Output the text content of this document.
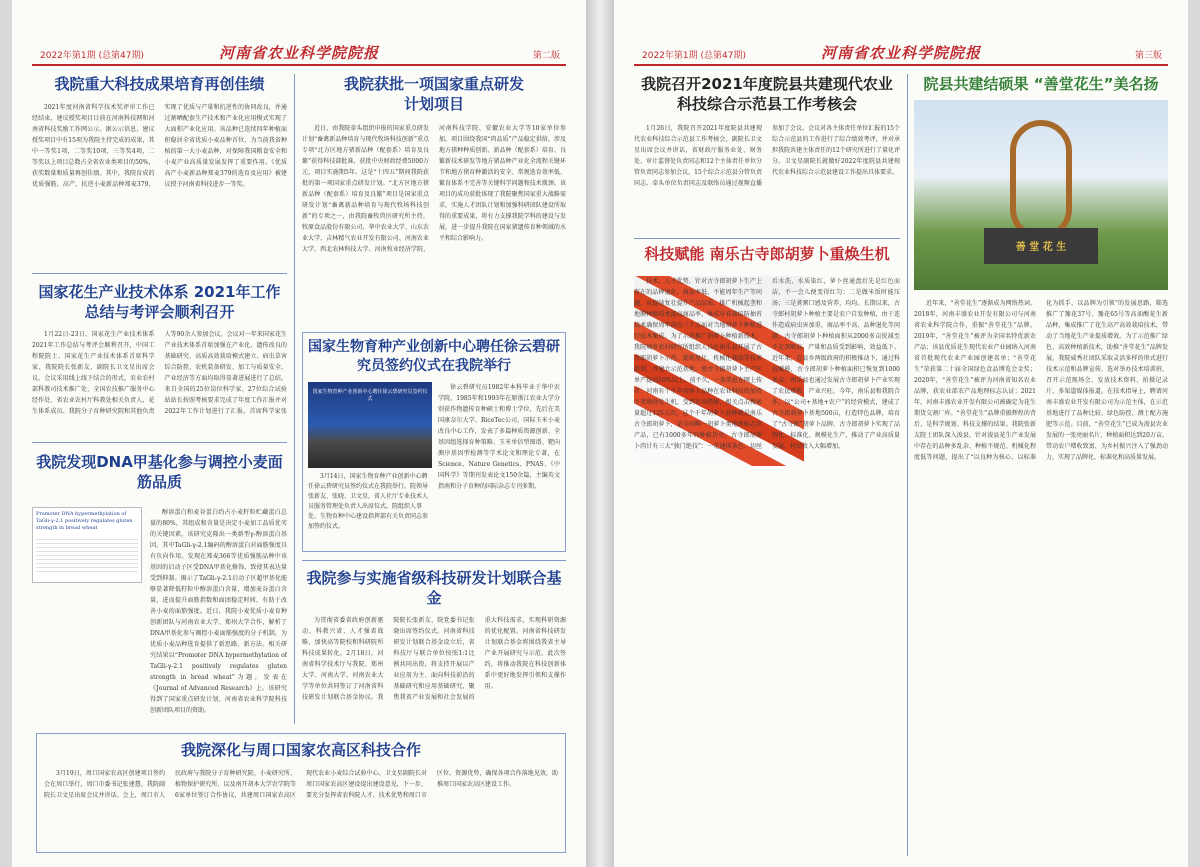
2022年第1期 (总第47期)	河南省农业科学院院报	第二版
我院重大科技成果培育再创佳绩
2021年度河南省科学技术奖评审工作已经结束，建议授奖项目目前在河南科技网和河南省科技奖励工作网公示。据公示信息，建议授奖项目中有15项为我院主持完成的成果，其中一等奖1项，二等奖10项，三等奖4项，二等奖以上项目总数占全省农业类项目的50%，获奖数量和质量再创佳绩。其中，我院育成的优质强筋、高产、抗逆小麦新品种郑麦379，实现了优质与产量和抗逆性的协同改良，并通过割晒配套生产技术和产业化应用模式实现了大面积产业化应用。该品种已连续四年种植面积稳居全省优质小麦品种首位，为当前我省种植的第一大小麦品种，对保障我国粮食安全和小麦产业高质量发展发挥了重要作用。《优质高产小麦新品种郑麦379的选育及应用》被建议授予河南省科技进步一等奖。
国家花生产业技术体系 2021年工作总结与考评会顺利召开
1月22日-23日，国家花生产业技术体系2021年工作总结与考评会顺利召开，中国工程院院士、国家花生产业技术体系首席科学家、我院院长张新友，副院长卫文星出席会议。会议采用线上线下结合的形式，农业农村部科教司技术推广处、全国农技推广服务中心经作处、省农业农村厅科教处相关负责人，花生体系成员、我院分子育种研究院和其他负责人等90余人参加会议。会议对一年来国家花生产业技术体系首席加强在产业化、遗传改良的基础研究、高质高效栽培模式建立、病虫草害综合防控、农机装备研发、加工与质量安全、产业经济等方面均取得显著进展进行了总结，来自全国的25位岗位科学家、27位综合试验站站长按照考核要求完成了年度工作汇报并对2022年工作计划进行了汇报。首席科学家张
我院发现DNA甲基化参与调控小麦面筋品质
Promoter DNA hypermethylation of TaGli-γ-2.1 positively regulates gluten strength in bread wheat
醇溶蛋白和麦谷蛋白约占小麦籽粒贮藏蛋白总量的80%，其组成和含量是决定小麦加工品质优劣的关键因素。该研究克隆出一类新型γ-醇溶蛋白基因，其中TaGli-γ-2.1编码的醇溶蛋白对面筋强度具有负向作用。发现在郑麦366等优质强筋品种中该基因的启动子区受DNA甲基化修饰，致使其表达量受到抑制。揭示了TaGli-γ-2.1启动子区超甲基化能够显著降低籽粒中醇溶蛋白含量，增加麦谷蛋白含量，进而提升面筋指数和面团稳定时间，有助于改善小麦的面筋强度。近日，我院小麦优质小麦育种创新团队与河南农业大学、郑州大学合作，解析了DNA甲基化参与调控小麦面筋强度的分子机制，为优质小麦品种选育提供了新思路、新方法。相关研究结果以“Promoter DNA hypermethylation of TaGli-γ-2.1 positively regulates gluten strength in bread wheat”为题，发表在《Journal of Advanced Research》上。该研究得到了国家重点研发计划、河南省农业科学院科技创新团队项目的资助。
我院获批一项国家重点研发计划项目
近日，由我院牵头组织申报的国家重点研发计划“畜禽新品种培育与现代牧场科技创新”重点专项“北方区地方猪新品种（配套系）培育及良繁”获得科技部批准，获批中央财政经费5000万元，项目实施期5年。这是“十四五”期间我院获批的第一项国家重点研发计划。“北方区地方猪新品种（配套系）培育及良繁”项目是国家重点研发计划“畜禽新品种培育与现代牧场科技创新”的专项之一，由我院畜牧兽医研究所主持，牧原食品股份有限公司、华中农业大学、山东农业大学、吉林精气农业开发有限公司、河南农业大学、西北农林科技大学、河南牧业经济学院、河南科技学院、安徽农业大学等10家单位参加。项目围绕我国“肉品质”产品稳定供给，涉及地方猪种种质创新、新品种（配套系）培育、良繁新技术研发等地方猪品种产业化全流程关键环节和地方猪育种激活的安全、常规选育效率低、繁育体系不完善等关键科学问题和技术瓶颈。该项目的成功获批体现了我院聚焦国家重大战略需求，实施人才团队计划和加强科研团队建设所取得的重要成果，将有力支撑我院学科的建设与发展，进一步提升我院在国家猪遗传育种领域的水平和综合影响力。
国家生物育种产业创新中心聘任徐云碧研究员签约仪式在我院举行
国家生物育种产业创新中心聘任徐云碧研究员签约仪式
3月14日，国家生物育种产业创新中心聘任徐云碧研究员签约仪式在我院举行。院领导张新友、张晓、卫文星，省人社厅专业技术人员服务管理处负责人出席仪式。院组织人事处、生物育种中心建设指挥部有关负责同志参加签约仪式。
徐云碧研究员1982年本科毕业于华中农学院，1985年和1993年在原浙江农业大学分别获作物遗传育种硕士和博士学位，先后在美国康奈尔大学、RiceTec公司、国际玉米小麦改良中心工作，发表了多篇种质资源创新、全基因组选择育种策略、玉米单倍型图谱、靶向测序基因型检测等学术论文和理论专著，在Science、Nature Genetics、PNAS、《中国科学》等期刊发表论文150余篇，主编英文指南和分子育种的国际杂志专刊多期。
我院参与实施省级科技研发计划联合基金
为贯彻省委省政府创新驱动、科教兴省、人才强省战略，加快高等院校和科研院所科技成果转化，2月18日，河南省科学技术厅与我院、郑州大学、河南大学、河南农业大学等单位共同签订了河南省科技研发计划联合基金协议。我院院长张新友、院党委书记张晓出席签约仪式。河南省科技研发计划联合基金设立后，省科技厅与联合单位按照1:1比例共同出资，将支持开展以产业应用为主、面向科技前沿的基础研究和应用基础研究，聚焦我省产业发展和社会发展的重大科技需求，实现科研资源的优化配置。河南省科技研发计划联合基金将围绕我省主导产业开展研究与示范。此次签约，将推动我院在科技创新体系中更好地发挥引领和支撑作用。
我院深化与周口国家农高区科技合作
3月19日，周口国家农高区创建项目签约会在周口举行，周口市委书记张建慧，我院副院长卫文星出席会议并讲话。会上，周口市人民政府与我院分子育种研究院、小麦研究所、植物保护研究所、以及南开胡本大学农学院等6家单位签订合作协议，共建周口国家农高区现代农业小麦综合试验中心。卫文星副院长对周口国家农高区建设提出建设意见，下一步，要充分发挥省农科院人才、技术优势和周口市区位、资源优势，确保各项合作落地见效，助推周口国家农高区建设工作。
2022年第1期 (总第47期)	河南省农业科学院院报	第三版
我院召开2021年度院县共建现代农业科技综合示范县工作考核会
1月26日，我院召开2021年度院县共建现代农业科技综合示范县工作考核会，副院长卫文星出席会议并讲话，省财政厅服务业处、财务处、审计监督处负责同志和12个主体责任单位分管负责同志参加会议，15个综合示范县分管负责同志、牵头单位负责同志及联络员通过视频直播参加了会议。会议对各主体责任单位汇报的15个综合示范县的工作进行了综合绩效考评，并对承担我院共建主体责任的12个研究所进行了量化评分。卫文星副院长就做好2022年度院县共建现代农业科技综合示范县建设工作提出具体要求。
科技赋能 南乐古寺郎胡萝卜重焕生机
技术、人才优势，针对古寺郎胡萝卜生产上存在的品种退化、商品率低、不能周年生产等问题，从提纯复壮提升产品品质、推广机械起垄和地膜种植技术提高商品率、集成早春栽培防抽苔技术确保周年供应三个方面对当地胡萝卜种植进行技术集成。为了示范推广胡萝卜种植新技术，我院城乡农村研究所组织人员在南乐县开展了古寺郎胡萝卜示范、提纯复壮、机械化栽培等技术培训，并建立示范基地，使古寺郎胡萝卜主产区单产提高10%以上。前不久，一条消息在网上传开：河南有个千年胡萝卜品种在农业科技的加持下重焕勃发生机，受到市场热捧，相关点击搜索量超过125万次。这个千年胡萝卜品种就是南乐古寺郎胡萝卜，是全国唯一胡萝卜类地理标志农产品，已有1000多年的种植历史。古寺郎胡萝卜肉甘有三大“独门绝技”：一是通体条色，切丝后水洗，水质染红，萝卜丝通盘后先是红色而洁，不一会儿便变得红匀；二是做米饭时能压汤；三是煮粥口感及营养，均均。长期以来，古寺郎村胡萝卜种植主要是农户自发种植，由于连作造成病虫害加重、商品率不高、品种退化等问题，古寺郎胡萝卜种植面积从2000多亩锐减至不足300亩，产量和品质受到影响，效益低下。近年来，在县乡两级政府的积极推动下，通过科技赋能，古寺郎胡萝卜种植面积已恢复到1000多亩，南乐县也通过发展古寺郎胡萝卜产业实现了农民增收、产业兴旺。今年，南乐县和我院合作，以“公司+基地+农户”的经营模式，建成了古寺郎胡萝卜基地500亩，打造特色品牌，培育了“古寺郎”胡萝卜品牌，古寺郎胡萝卜实现了品牌化、标准化、规模化生产，推动了产业高质量发展，村民收入大幅增加。
院县共建结硕果 “善堂花生”美名扬
善 堂 花 生
近年来，“善堂花生”逐渐成为网络热词，2018年，河南丰盛农业开发有限公司与河南省农业科学院合作，重振“善堂花生”品牌。2019年，“善堂花生”被评为全国名特优新农产品；该县优质花生现代农业产业园纳入河南省首批现代农业产业园创建名单；“善堂花生”荣获第二十届全国绿色食品博览会金奖；2020年，“善堂花生”被评为河南省知名农业品牌，获农业部农产品地理标志认证；2021年，河南丰盛农业开发有限公司被确定为花生期货交割厂库。“善堂花生”品牌重振辉煌的背后，是科学规划、科技支撑的结果。我院张新友院士团队深入浚县，针对浚县花生产业发展中存在的品种多乱杂、种植不规范、机械化程度低等问题，提出了“以良种为核心、以标准化为抓手、以品牌为引领”的发展思路，筛选推广了豫花37号、豫花65号等高油酸花生新品种，集成推广了花生高产高效栽培技术，带动了当地花生产业提质增效。为了示范推广绿色、高效种植新技术，助推“善堂花生”品牌发展，我院威秀社团队采取灵活多样的形式进行技术示范和品牌宣传，选对举办技术培训班、召开示范现场会、发放技术资料、拍摄记录片、多渠道媒体报道。在技术指导上，聘请河南丰盛农业开发有限公司为示范主体，在示范基地进行了品种比较、绿色防控、测土配方施肥等示范。目前，“善堂花生”已成为浚县农业发展的一张亮丽名片，种植面积达到20万亩，带动农户增收致富，为乡村振兴注入了强劲动力，实现了品牌化、标准化和高质量发展。
